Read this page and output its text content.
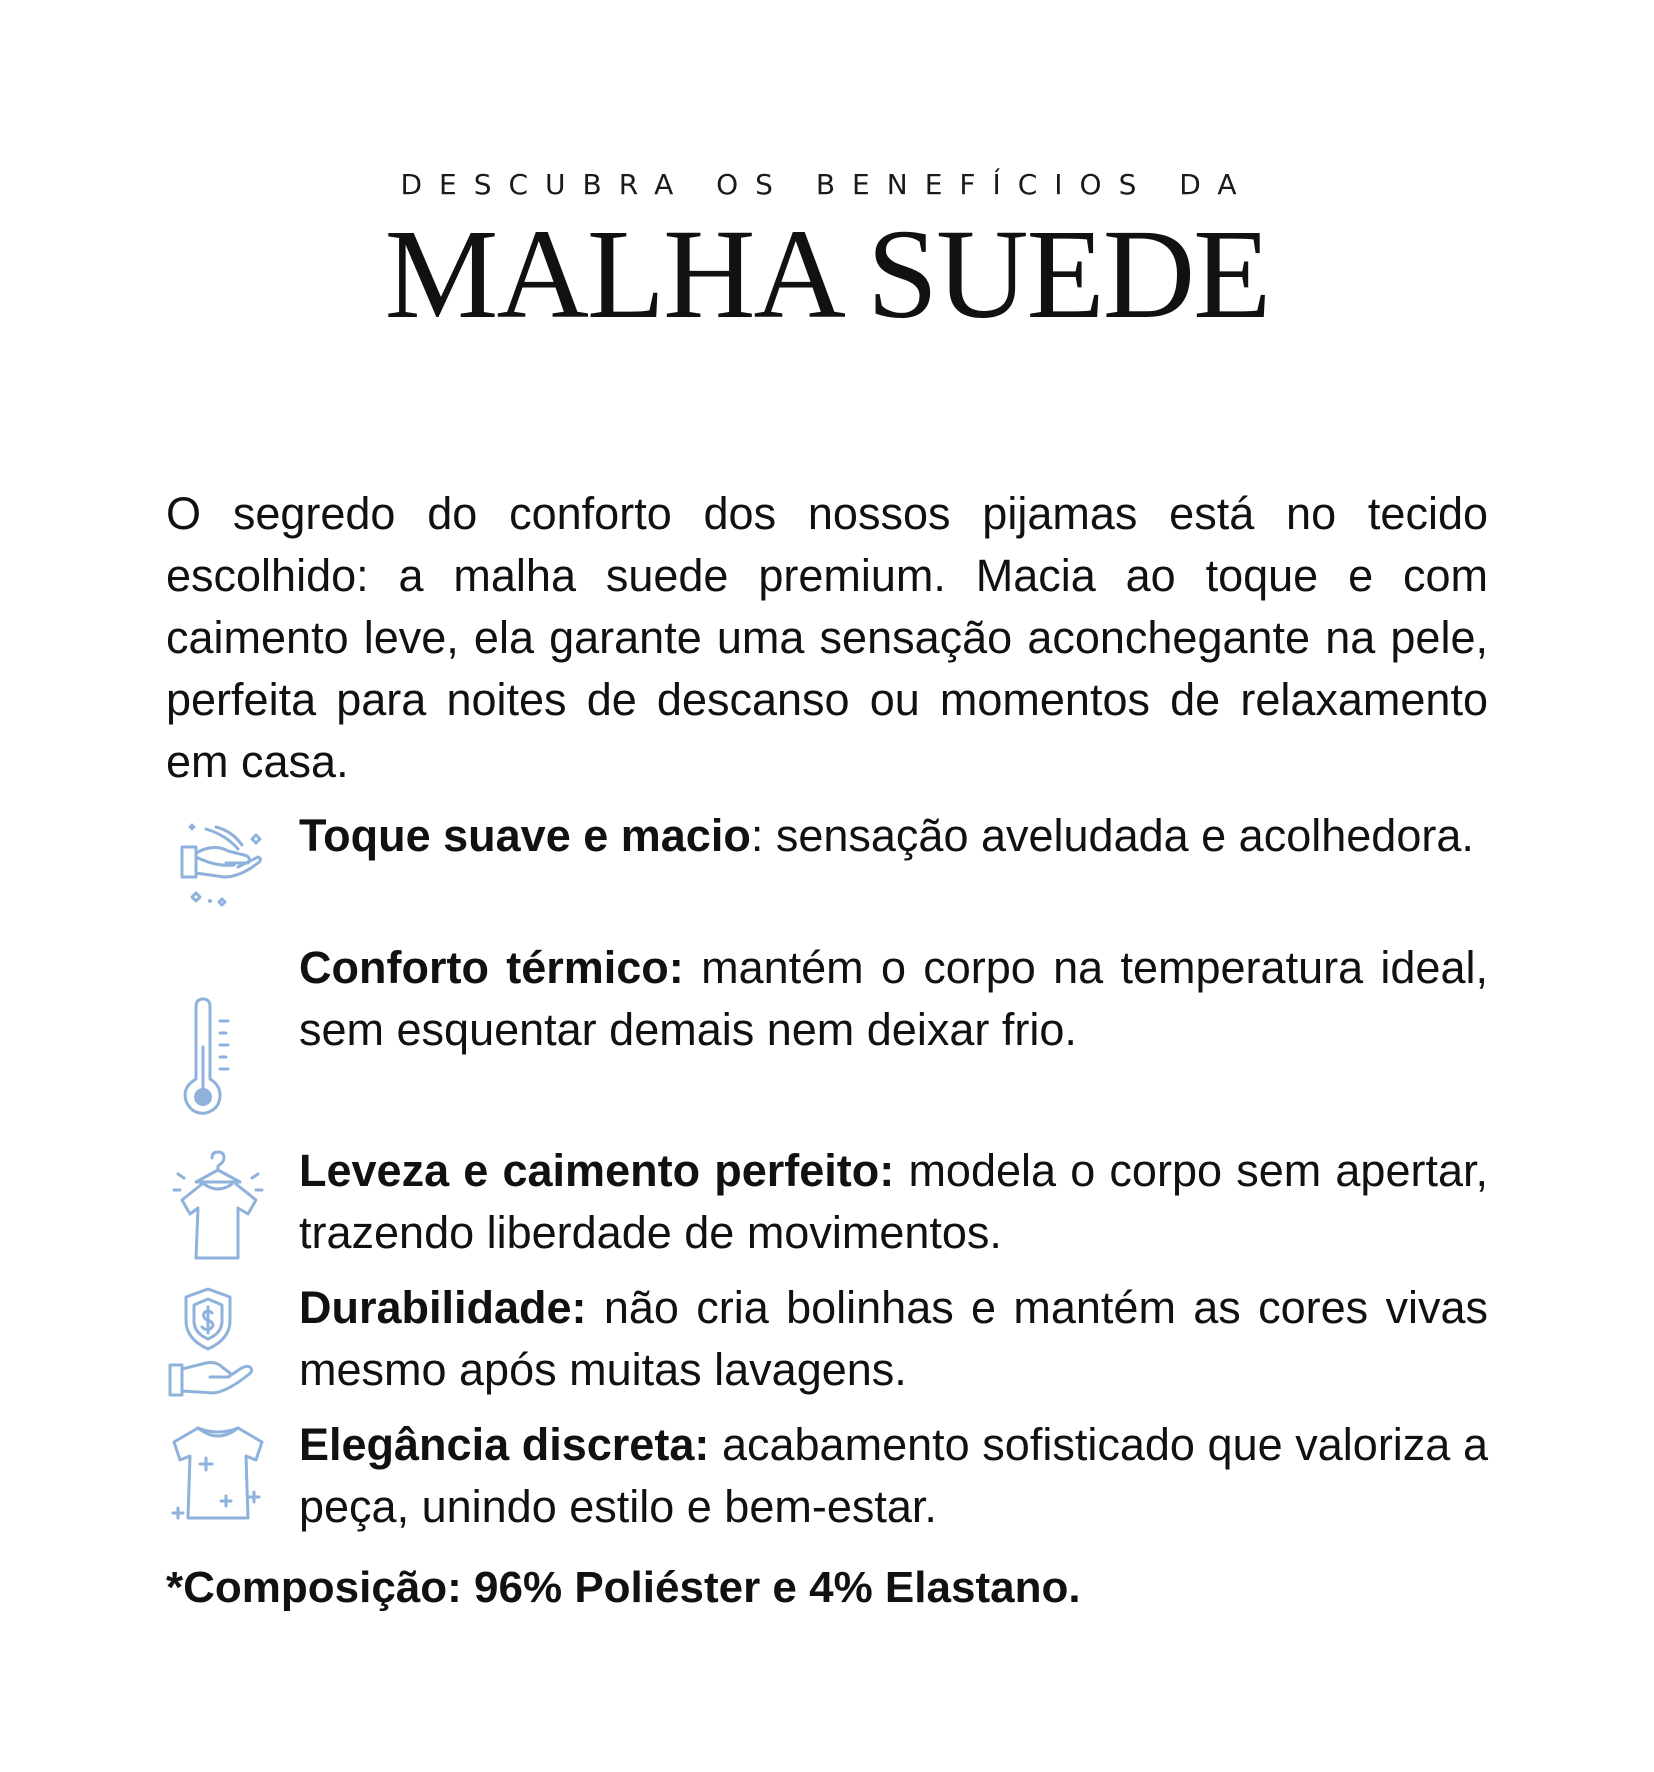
DESCUBRA OS BENEFÍCIOS DA
MALHA SUEDE

O segredo do conforto dos nossos pijamas está no tecido escolhido: a malha suede premium. Macia ao toque e com caimento leve, ela garante uma sensação aconchegante na pele, perfeita para noites de descanso ou momentos de relaxamento em casa.

Toque suave e macio: sensação aveludada e acolhedora.

Conforto térmico: mantém o corpo na temperatura ideal, sem esquentar demais nem deixar frio.

Leveza e caimento perfeito: modela o corpo sem apertar, trazendo liberdade de movimentos.

Durabilidade: não cria bolinhas e mantém as cores vivas mesmo após muitas lavagens.

Elegância discreta: acabamento sofisticado que valoriza a peça, unindo estilo e bem-estar.

*Composição: 96% Poliéster e 4% Elastano.
